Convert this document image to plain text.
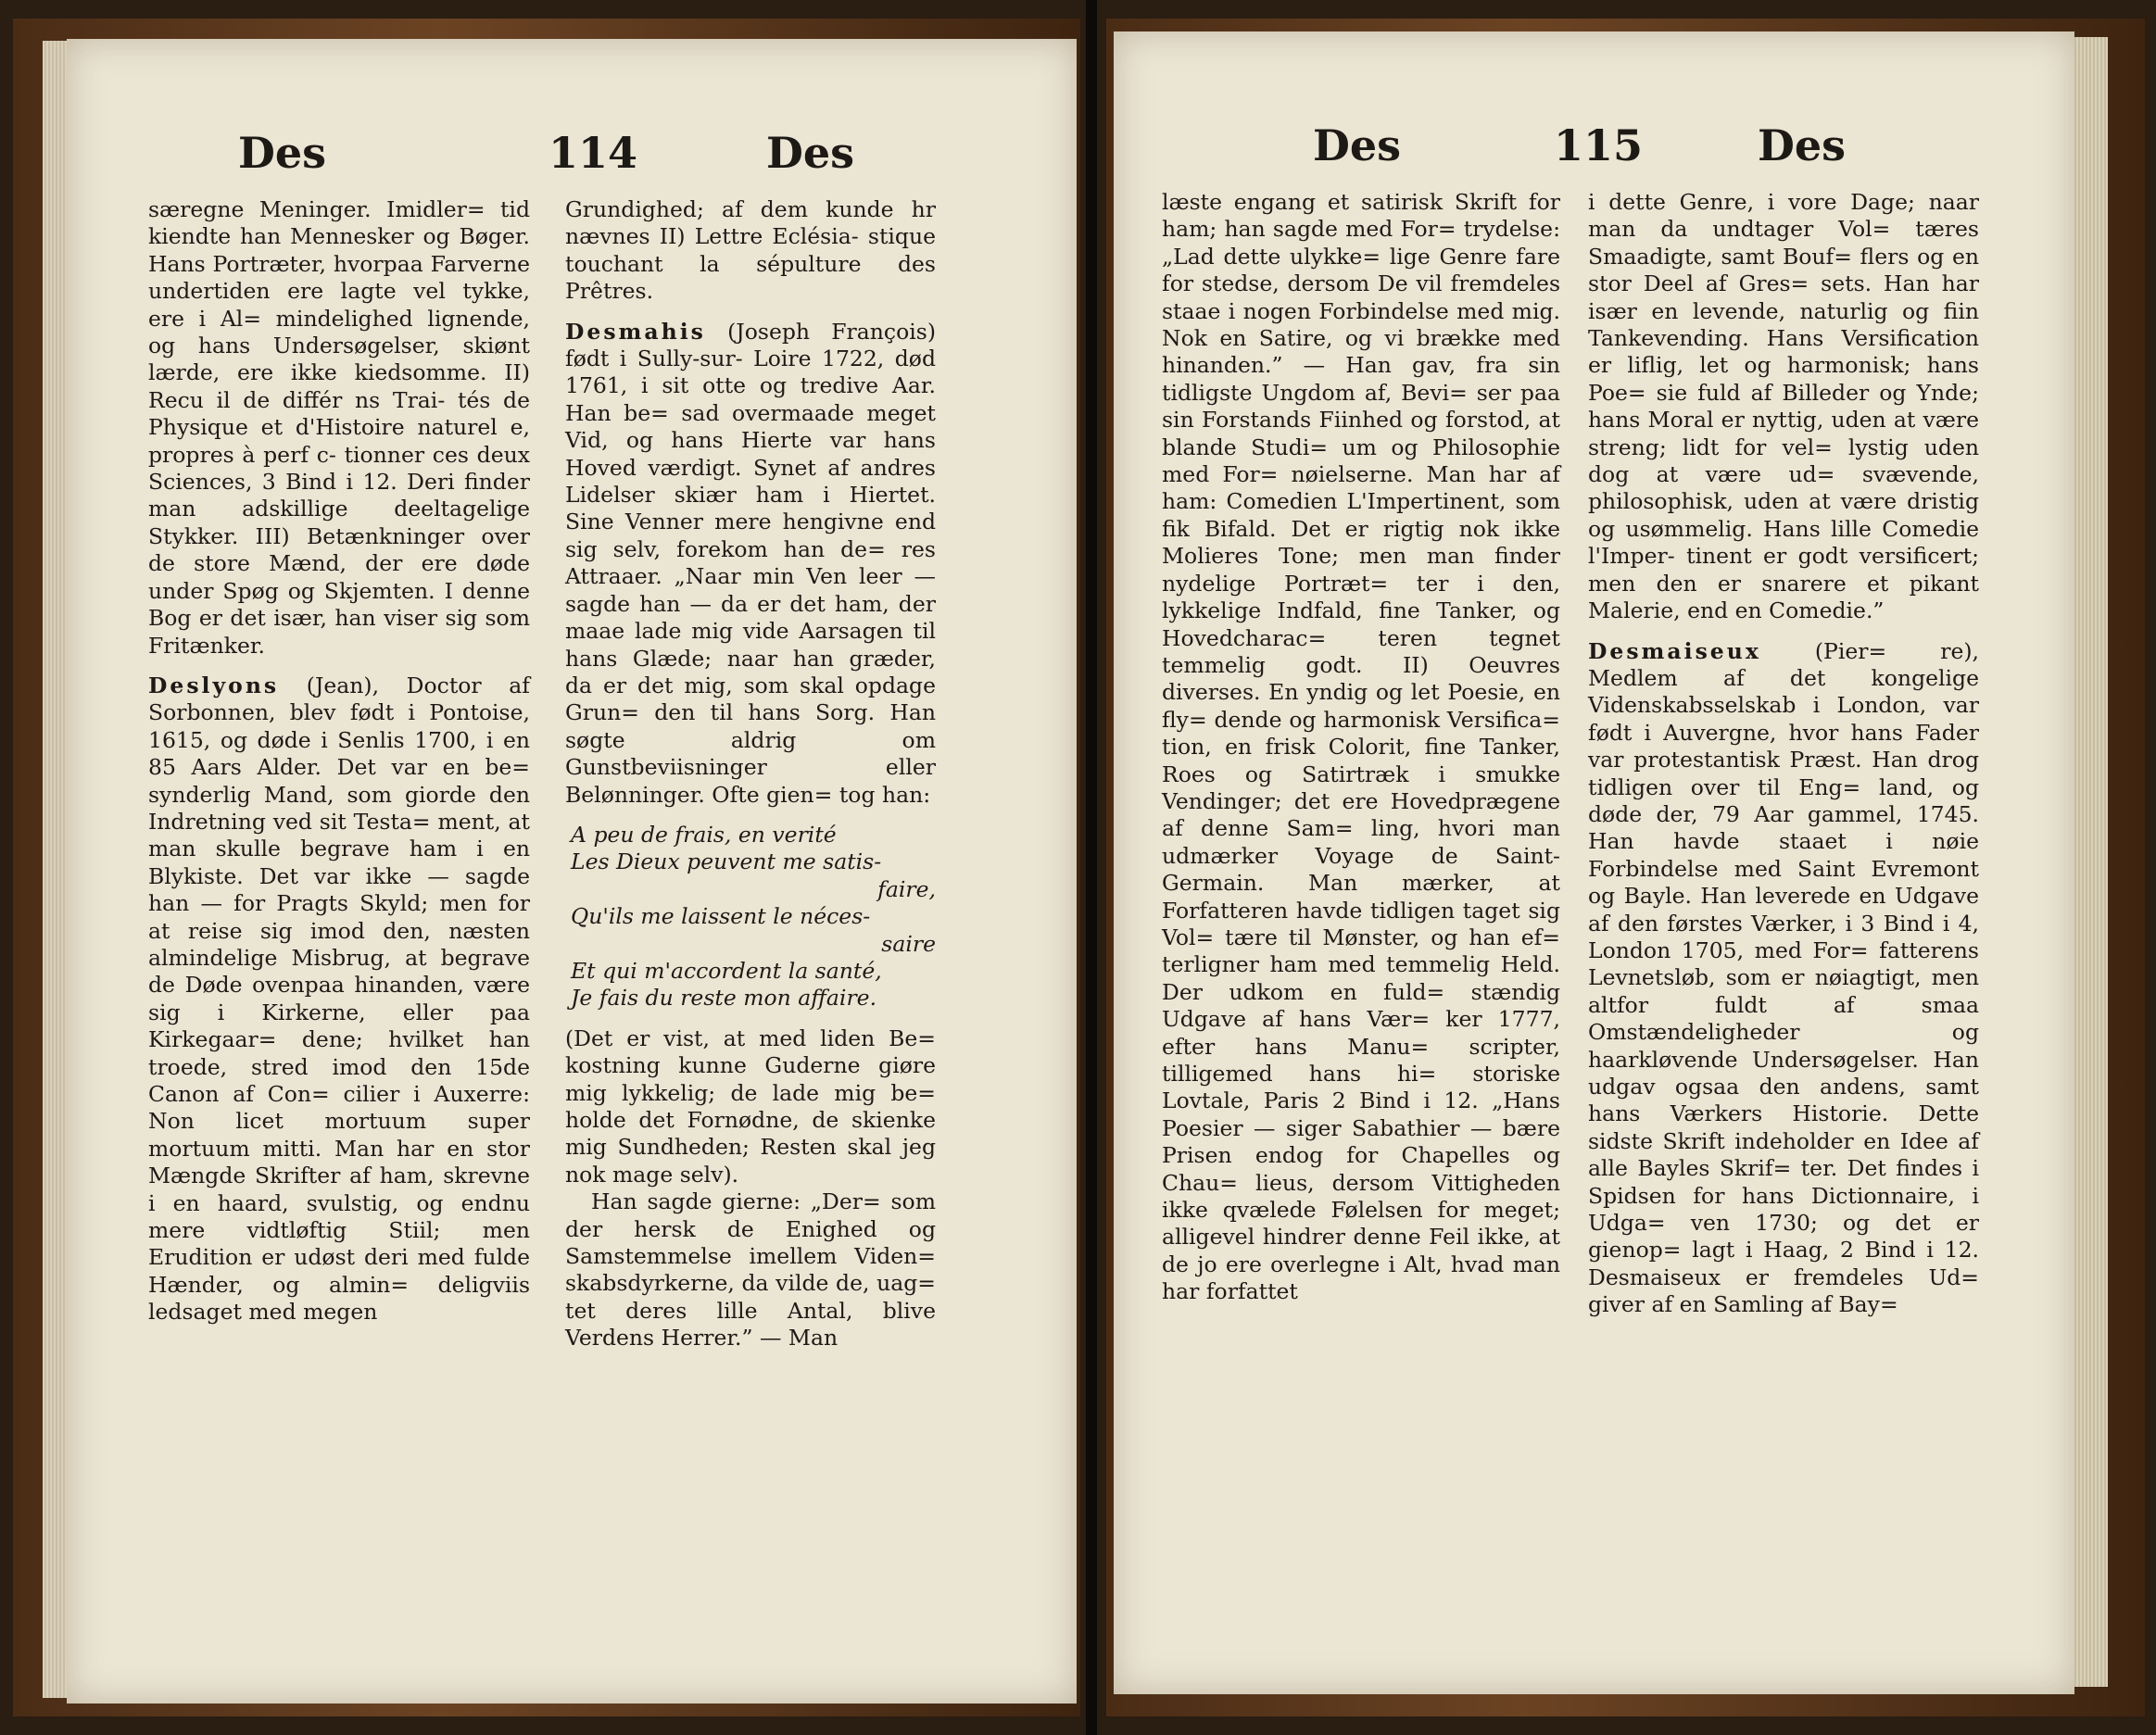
Des	114	Des

særegne Meninger. Imidler= tid kiendte han Mennesker og Bøger. Hans Portræter, hvorpaa Farverne undertiden ere lagte vel tykke, ere i Al= mindelighed lignende, og hans Undersøgelser, skiønt lærde, ere ikke kiedsomme. II) Recu il de différ ns Trai- tés de Physique et d'Histoire naturel e, propres à perf c- tionner ces deux Sciences, 3 Bind i 12. Deri finder man adskillige deeltagelige Stykker. III) Betænkninger over de store Mænd, der ere døde under Spøg og Skjemten. I denne Bog er det især, han viser sig som Fritænker.

Deslyons (Jean), Doctor af Sorbonnen, blev født i Pontoise, 1615, og døde i Senlis 1700, i en 85 Aars Alder. Det var en be= synderlig Mand, som giorde den Indretning ved sit Testa= ment, at man skulle begrave ham i en Blykiste. Det var ikke — sagde han — for Pragts Skyld; men for at reise sig imod den, næsten almindelige Misbrug, at begrave de Døde ovenpaa hinanden, være sig i Kirkerne, eller paa Kirkegaar= dene; hvilket han troede, stred imod den 15de Canon af Con= cilier i Auxerre: Non licet mortuum super mortuum mitti. Man har en stor Mængde Skrifter af ham, skrevne i en haard, svulstig, og endnu mere vidtløftig Stiil; men Erudition er udøst deri med fulde Hænder, og almin= deligviis ledsaget med megen

Grundighed; af dem kunde hr nævnes II) Lettre Eclésia- stique touchant la sépulture des Prêtres.

Desmahis (Joseph François) født i Sully-sur- Loire 1722, død 1761, i sit otte og tredive Aar. Han be= sad overmaade meget Vid, og hans Hierte var hans Hoved værdigt. Synet af andres Lidelser skiær ham i Hiertet. Sine Venner mere hengivne end sig selv, forekom han de= res Attraaer. „Naar min Ven leer — sagde han — da er det ham, der maae lade mig vide Aarsagen til hans Glæde; naar han græder, da er det mig, som skal opdage Grun= den til hans Sorg. Han søgte aldrig om Gunstbeviisninger eller Belønninger. Ofte gien= tog han:

A peu de frais, en verité
Les Dieux peuvent me satis-
faire,
Qu'ils me laissent le néces-
saire
Et qui m'accordent la santé,
Je fais du reste mon affaire.

(Det er vist, at med liden Be= kostning kunne Guderne giøre mig lykkelig; de lade mig be= holde det Fornødne, de skienke mig Sundheden; Resten skal jeg nok mage selv).

Han sagde gierne: „Der= som der hersk de Enighed og Samstemmelse imellem Viden= skabsdyrkerne, da vilde de, uag= tet deres lille Antal, blive Verdens Herrer.” — Man

Des	115	Des

læste engang et satirisk Skrift for ham; han sagde med For= trydelse: „Lad dette ulykke= lige Genre fare for stedse, dersom De vil fremdeles staae i nogen Forbindelse med mig. Nok en Satire, og vi brække med hinanden.” — Han gav, fra sin tidligste Ungdom af, Bevi= ser paa sin Forstands Fiinhed og forstod, at blande Studi= um og Philosophie med For= nøielserne. Man har af ham: Comedien L'Impertinent, som fik Bifald. Det er rigtig nok ikke Molieres Tone; men man finder nydelige Portræt= ter i den, lykkelige Indfald, fine Tanker, og Hovedcharac= teren tegnet temmelig godt. II) Oeuvres diverses. En yndig og let Poesie, en fly= dende og harmonisk Versifica= tion, en frisk Colorit, fine Tanker, Roes og Satirtræk i smukke Vendinger; det ere Hovedprægene af denne Sam= ling, hvori man udmærker Voyage de Saint-Germain. Man mærker, at Forfatteren havde tidligen taget sig Vol= tære til Mønster, og han ef= terligner ham med temmelig Held. Der udkom en fuld= stændig Udgave af hans Vær= ker 1777, efter hans Manu= scripter, tilligemed hans hi= storiske Lovtale, Paris 2 Bind i 12. „Hans Poesier — siger Sabathier — bære Prisen endog for Chapelles og Chau= lieus, dersom Vittigheden ikke qvælede Følelsen for meget; alligevel hindrer denne Feil ikke, at de jo ere overlegne i Alt, hvad man har forfattet

i dette Genre, i vore Dage; naar man da undtager Vol= tæres Smaadigte, samt Bouf= flers og en stor Deel af Gres= sets. Han har især en levende, naturlig og fiin Tankevending. Hans Versification er liflig, let og harmonisk; hans Poe= sie fuld af Billeder og Ynde; hans Moral er nyttig, uden at være streng; lidt for vel= lystig uden dog at være ud= svævende, philosophisk, uden at være dristig og usømmelig. Hans lille Comedie l'Imper- tinent er godt versificert; men den er snarere et pikant Malerie, end en Comedie.”

Desmaiseux (Pier= re), Medlem af det kongelige Videnskabsselskab i London, var født i Auvergne, hvor hans Fader var protestantisk Præst. Han drog tidligen over til Eng= land, og døde der, 79 Aar gammel, 1745. Han havde staaet i nøie Forbindelse med Saint Evremont og Bayle. Han leverede en Udgave af den førstes Værker, i 3 Bind i 4, London 1705, med For= fatterens Levnetsløb, som er nøiagtigt, men altfor fuldt af smaa Omstændeligheder og haarkløvende Undersøgelser. Han udgav ogsaa den andens, samt hans Værkers Historie. Dette sidste Skrift indeholder en Idee af alle Bayles Skrif= ter. Det findes i Spidsen for hans Dictionnaire, i Udga= ven 1730; og det er gienop= lagt i Haag, 2 Bind i 12. Desmaiseux er fremdeles Ud= giver af en Samling af Bay=
